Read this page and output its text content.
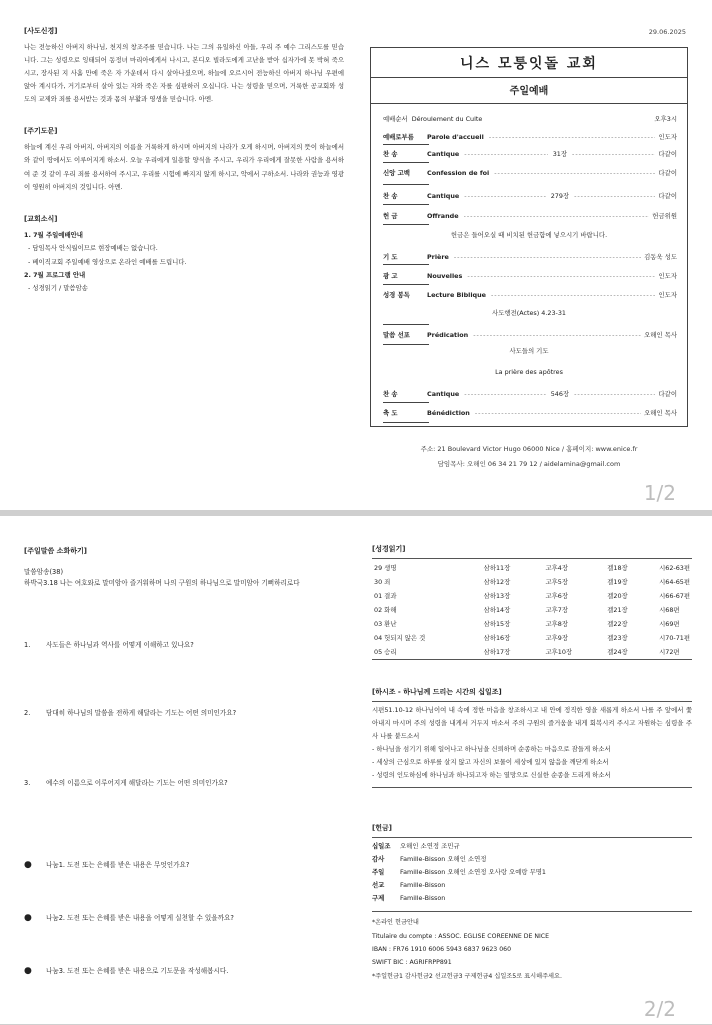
29.06.2025
[사도신경]
나는 전능하신 아버지 하나님, 천지의 창조주를 믿습니다. 나는 그의 유일하신 아들, 우리 주 예수 그리스도를 믿습니다. 그는 성령으로 잉태되어 동정녀 마리아에게서 나시고, 본디오 빌라도에게 고난을 받아 십자가에 못 박혀 죽으시고, 장사된 지 사흘 만에 죽은 자 가운데서 다시 살아나셨으며, 하늘에 오르시어 전능하신 아버지 하나님 우편에 앉아 계시다가, 거기로부터 살아 있는 자와 죽은 자를 심판하러 오십니다. 나는 성령을 믿으며, 거룩한 공교회와 성도의 교제와 죄를 용서받는 것과 몸의 부활과 영생을 믿습니다. 아멘.
[주기도문]
하늘에 계신 우리 아버지, 아버지의 이름을 거룩하게 하시며 아버지의 나라가 오게 하시며, 아버지의 뜻이 하늘에서와 같이 땅에서도 이루어지게 하소서. 오늘 우리에게 일용할 양식을 주시고, 우리가 우리에게 잘못한 사람을 용서하여 준 것 같이 우리 죄를 용서하여 주시고, 우리를 시험에 빠지지 않게 하시고, 악에서 구하소서. 나라와 권능과 영광이 영원히 아버지의 것입니다. 아멘.
[교회소식]
1. 7월 주일예배안내
- 담임목사 안식월이므로 현장예배는 없습니다.
- 베이직교회 주일예배 영상으로 온라인 예배를 드립니다.
2. 7월 프로그램 안내
- 성경읽기 / 말씀암송
니스 모퉁잇돌 교회
주일예배
예배순서 Déroulement du Culte	오후3시
예배로부름	Parole d'accueil -----	인도자
찬 송	Cantique -----	31장 -----	다같이
신앙 고백	Confession de foi -----	다같이
찬 송	Cantique -----	279장 -----	다같이
헌 금	Offrande -----	헌금위원
기 도	Prière -----	김동욱 성도
광 고	Nouvelles -----	인도자
성경 봉독	Lecture Biblique -----	인도자
말씀 선포	Prédication -----	오해인 목사
찬 송	Cantique -----	546장 -----	다같이
축 도	Bénédiction -----	오해인 목사
헌금은 들어오실 때 비치된 헌금함에 넣으시기 바랍니다.
사도행전(Actes) 4.23-31
사도들의 기도
La prière des apôtres
주소: 21 Boulevard Victor Hugo 06000 Nice / 홈페이지: www.enice.fr
담임목사: 오해인 06 34 21 79 12 / aidelamina@gmail.com
1/2
[주일말씀 소화하기]
말씀암송(38)
하박국3.18 나는 여호와로 말미암아 즐거워하며 나의 구원의 하나님으로 말미암아 기뻐하리로다
1. 사도들은 하나님과 역사를 어떻게 이해하고 있나요?
2. 담대히 하나님의 말씀을 전하게 해달라는 기도는 어떤 의미인가요?
3. 예수의 이름으로 이루어지게 해달라는 기도는 어떤 의미인가요?
● 나눔1. 도전 또는 은혜를 받은 내용은 무엇인가요?
● 나눔2. 도전 또는 은혜를 받은 내용을 어떻게 실천할 수 있을까요?
● 나눔3. 도전 또는 은혜를 받은 내용으로 기도문을 작성해봅시다.
[성경읽기]
29 생명	삼하11장	고후4장	겔18장	시62-63편
30 죄	삼하12장	고후5장	겔19장	시64-65편
01 결과	삼하13장	고후6장	겔20장	시66-67편
02 화해	삼하14장	고후7장	겔21장	시68편
03 환난	삼하15장	고후8장	겔22장	시69편
04 헛되지 않은 것	삼하16장	고후9장	겔23장	시70-71편
05 승리	삼하17장	고후10장	겔24장	시72편
[하시조 - 하나님께 드리는 시간의 십일조]
시편51.10-12 하나님이여 내 속에 정한 마음을 창조하시고 내 안에 정직한 영을 새롭게 하소서 나를 주 앞에서 쫓아내지 마시며 주의 성령을 내게서 거두지 마소서 주의 구원의 즐거움을 내게 회복시켜 주시고 자원하는 심령을 주사 나를 붙드소서
- 하나님을 섬기기 위해 일어나고 하나님을 신뢰하며 순종하는 마음으로 잠들게 하소서
- 세상의 근심으로 하루를 살지 않고 자신의 보물이 세상에 있지 않음을 깨닫게 하소서
- 성령의 인도하심에 하나님과 하나되고자 하는 열망으로 신실한 순종을 드리게 하소서
[헌금]
십일조 오해인 소연정 조민규
감사 Famille-Bisson 오해인 소연정
주일 Famille-Bisson 오해인 소연정 오사랑 오예랑 무명1
선교 Famille-Bisson
구제 Famille-Bisson
*온라인 헌금안내
Titulaire du compte : ASSOC. EGLISE COREENNE DE NICE
IBAN : FR76 1910 6006 5943 6837 9623 060
SWIFT BIC : AGRIFRPP891
*주일헌금1 감사헌금2 선교헌금3 구제헌금4 십일조5로 표시해주세요.
2/2
